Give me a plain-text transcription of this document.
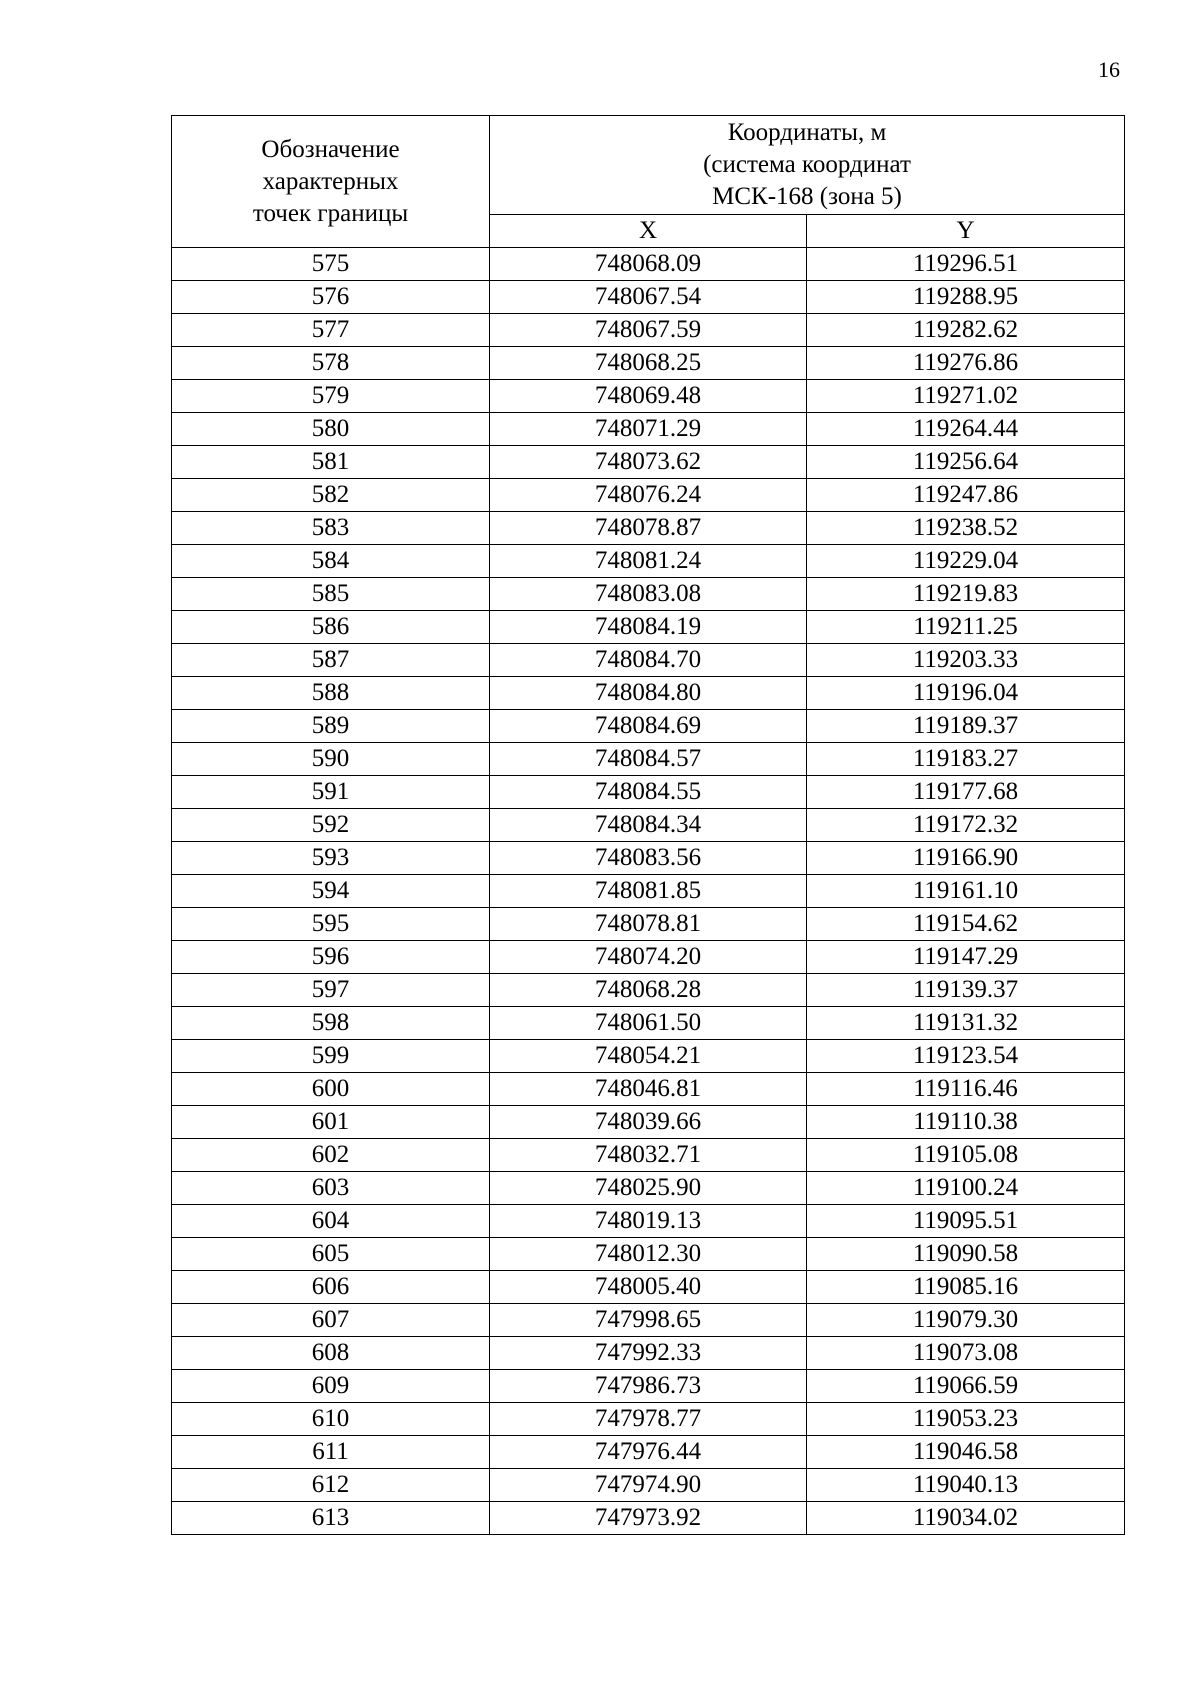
16
Обозначение
характерных
точек границы	Координаты, м
(система координат
МСК-168 (зона 5)	
	X	Y
575	748068.09	119296.51
576	748067.54	119288.95
577	748067.59	119282.62
578	748068.25	119276.86
579	748069.48	119271.02
580	748071.29	119264.44
581	748073.62	119256.64
582	748076.24	119247.86
583	748078.87	119238.52
584	748081.24	119229.04
585	748083.08	119219.83
586	748084.19	119211.25
587	748084.70	119203.33
588	748084.80	119196.04
589	748084.69	119189.37
590	748084.57	119183.27
591	748084.55	119177.68
592	748084.34	119172.32
593	748083.56	119166.90
594	748081.85	119161.10
595	748078.81	119154.62
596	748074.20	119147.29
597	748068.28	119139.37
598	748061.50	119131.32
599	748054.21	119123.54
600	748046.81	119116.46
601	748039.66	119110.38
602	748032.71	119105.08
603	748025.90	119100.24
604	748019.13	119095.51
605	748012.30	119090.58
606	748005.40	119085.16
607	747998.65	119079.30
608	747992.33	119073.08
609	747986.73	119066.59
610	747978.77	119053.23
611	747976.44	119046.58
612	747974.90	119040.13
613	747973.92	119034.02
